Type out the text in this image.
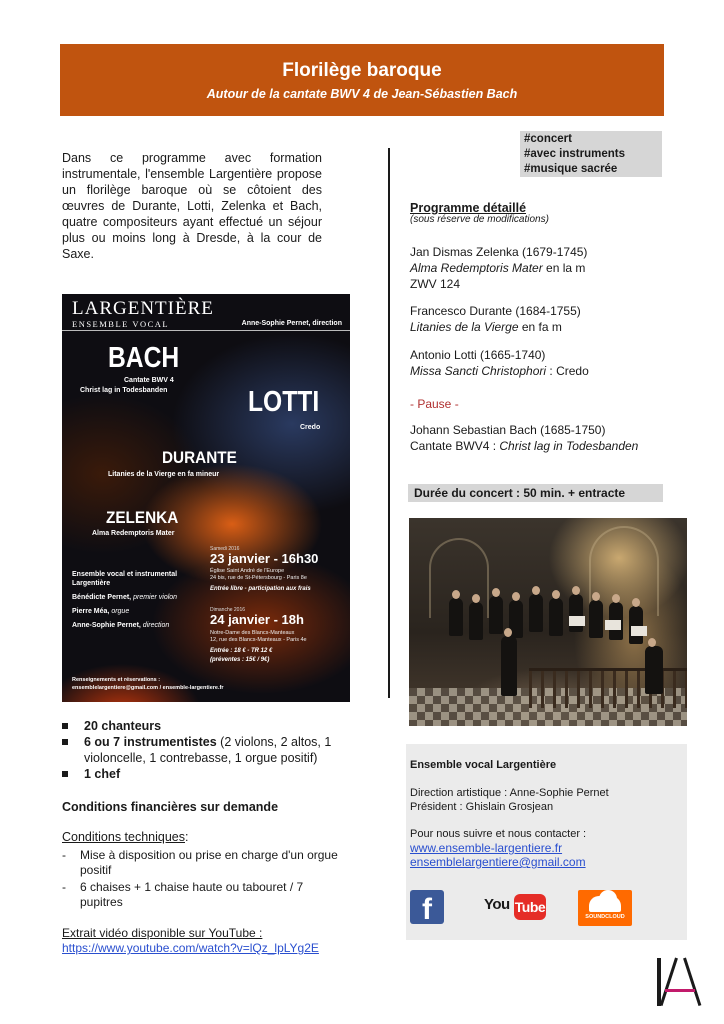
Florilège baroque
Autour de la cantate BWV 4 de Jean-Sébastien Bach

Dans ce programme avec formation instrumentale, l'ensemble Largentière propose un florilège baroque où se côtoient des œuvres de Durante, Lotti, Zelenka et Bach, quatre compositeurs ayant effectué un séjour plus ou moins long à Dresde, à la cour de Saxe.

LARGENTIÈRE
ENSEMBLE VOCAL	Anne-Sophie Pernet, direction
BACH
Cantate BWV 4
Christ lag in Todesbanden	LOTTI
Credo
DURANTE
Litanies de la Vierge en fa mineur
ZELENKA
Alma Redemptoris Mater
Samedi 2016
23 janvier - 16h30
Église Saint André de l'Europe
24 bis, rue de St-Pétersbourg - Paris 8e
Entrée libre - participation aux frais
Dimanche 2016
24 janvier - 18h
Notre-Dame des Blancs-Manteaux
12, rue des Blancs-Manteaux - Paris 4e
Entrée : 18 € - TR 12 €
(préventes : 15€ / 9€)
Ensemble vocal et instrumental
Largentière
Bénédicte Pernet, premier violon
Pierre Méa, orgue
Anne-Sophie Pernet, direction
Renseignements et réservations :
ensemblelargentiere@gmail.com / ensemble-largentiere.fr
20 chanteurs
6 ou 7 instrumentistes (2 violons, 2 altos, 1 violoncelle, 1 contrebasse, 1 orgue positif)
1 chef
Conditions financières sur demande
Conditions techniques:
- Mise à disposition ou prise en charge d'un orgue positif
- 6 chaises + 1 chaise haute ou tabouret / 7 pupitres
Extrait vidéo disponible sur YouTube :
https://www.youtube.com/watch?v=lQz_lpLYg2E
#concert
#avec instruments
#musique sacrée
Programme détaillé
(sous réserve de modifications)
Jan Dismas Zelenka (1679-1745)
Alma Redemptoris Mater en la m
ZWV 124
Francesco Durante (1684-1755)
Litanies de la Vierge en fa m
Antonio Lotti (1665-1740)
Missa Sancti Christophori : Credo
- Pause -
Johann Sebastian Bach (1685-1750)
Cantate BWV4 : Christ lag in Todesbanden
Durée du concert : 50 min. + entracte
Ensemble vocal Largentière
Direction artistique : Anne-Sophie Pernet
Président : Ghislain Grosjean
Pour nous suivre et nous contacter :
www.ensemble-largentiere.fr
ensemblelargentiere@gmail.com
f	You Tube
SOUNDCLOUD
